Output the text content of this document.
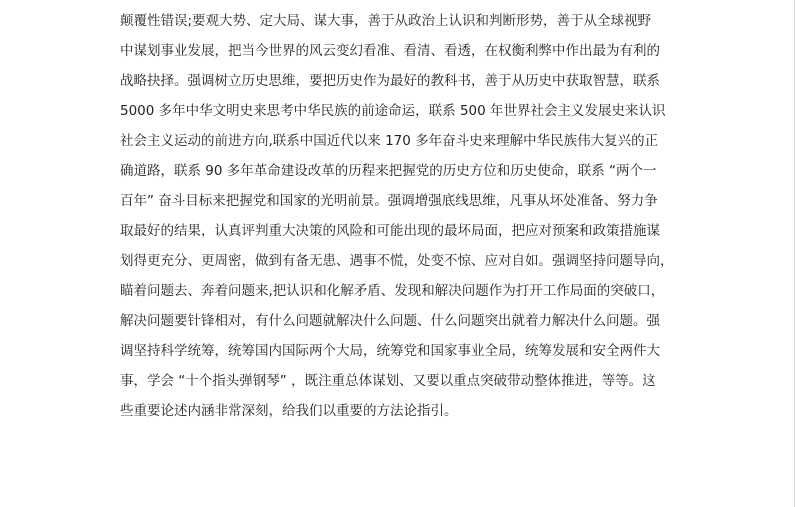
颠覆性错误;要观大势、定大局、谋大事，善于从政治上认识和判断形势，善于从全球视野
中谋划事业发展，把当今世界的风云变幻看准、看清、看透，在权衡利弊中作出最为有利的
战略抉择。强调树立历史思维，要把历史作为最好的教科书，善于从历史中获取智慧，联系
5000 多年中华文明史来思考中华民族的前途命运，联系 500 年世界社会主义发展史来认识
社会主义运动的前进方向,联系中国近代以来 170 多年奋斗史来理解中华民族伟大复兴的正
确道路，联系 90 多年革命建设改革的历程来把握党的历史方位和历史使命，联系 “两个一
百年” 奋斗目标来把握党和国家的光明前景。强调增强底线思维，凡事从坏处准备、努力争
取最好的结果，认真评判重大决策的风险和可能出现的最坏局面，把应对预案和政策措施谋
划得更充分、更周密，做到有备无患、遇事不慌，处变不惊、应对自如。强调坚持问题导向，
瞄着问题去、奔着问题来,把认识和化解矛盾、发现和解决问题作为打开工作局面的突破口，
解决问题要针锋相对，有什么问题就解决什么问题、什么问题突出就着力解决什么问题。强
调坚持科学统筹，统筹国内国际两个大局，统筹党和国家事业全局，统筹发展和安全两件大
事，学会 “十个指头弹钢琴” ，既注重总体谋划、又要以重点突破带动整体推进，等等。这
些重要论述内涵非常深刻，给我们以重要的方法论指引。
